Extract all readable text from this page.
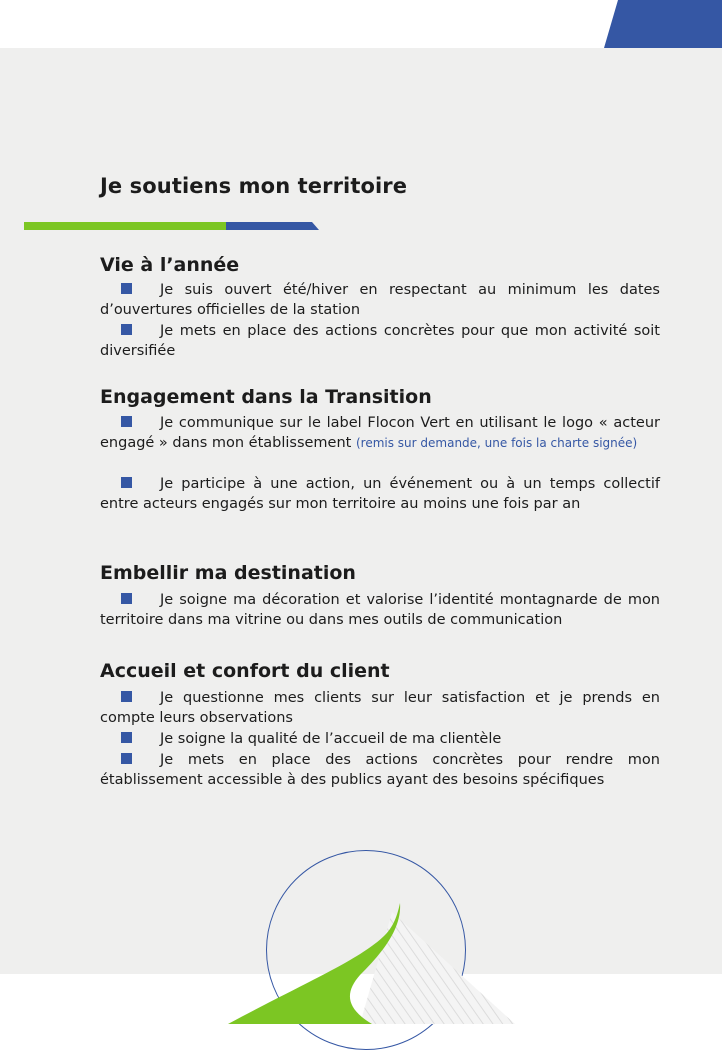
Je soutiens mon territoire
Vie à l’année
Je suis ouvert été/hiver en respectant au minimum les dates d’ouvertures officielles de la station
Je mets en place des actions concrètes pour que mon activité soit diversifiée
Engagement dans la Transition
Je communique sur le label Flocon Vert en utilisant le logo « acteur engagé » dans mon établissement (remis sur demande, une fois la charte signée)
Je participe à une action, un événement ou à un temps collectif entre acteurs engagés sur mon territoire au moins une fois par an
Embellir ma destination
Je soigne ma décoration et valorise l’identité montagnarde de mon territoire dans ma vitrine ou dans mes outils de communication
Accueil et confort du client
Je questionne mes clients sur leur satisfaction et je prends en compte leurs observations
Je soigne la qualité de l’accueil de ma clientèle
Je mets en place des actions concrètes pour rendre mon établissement accessible à des publics ayant des besoins spécifiques
